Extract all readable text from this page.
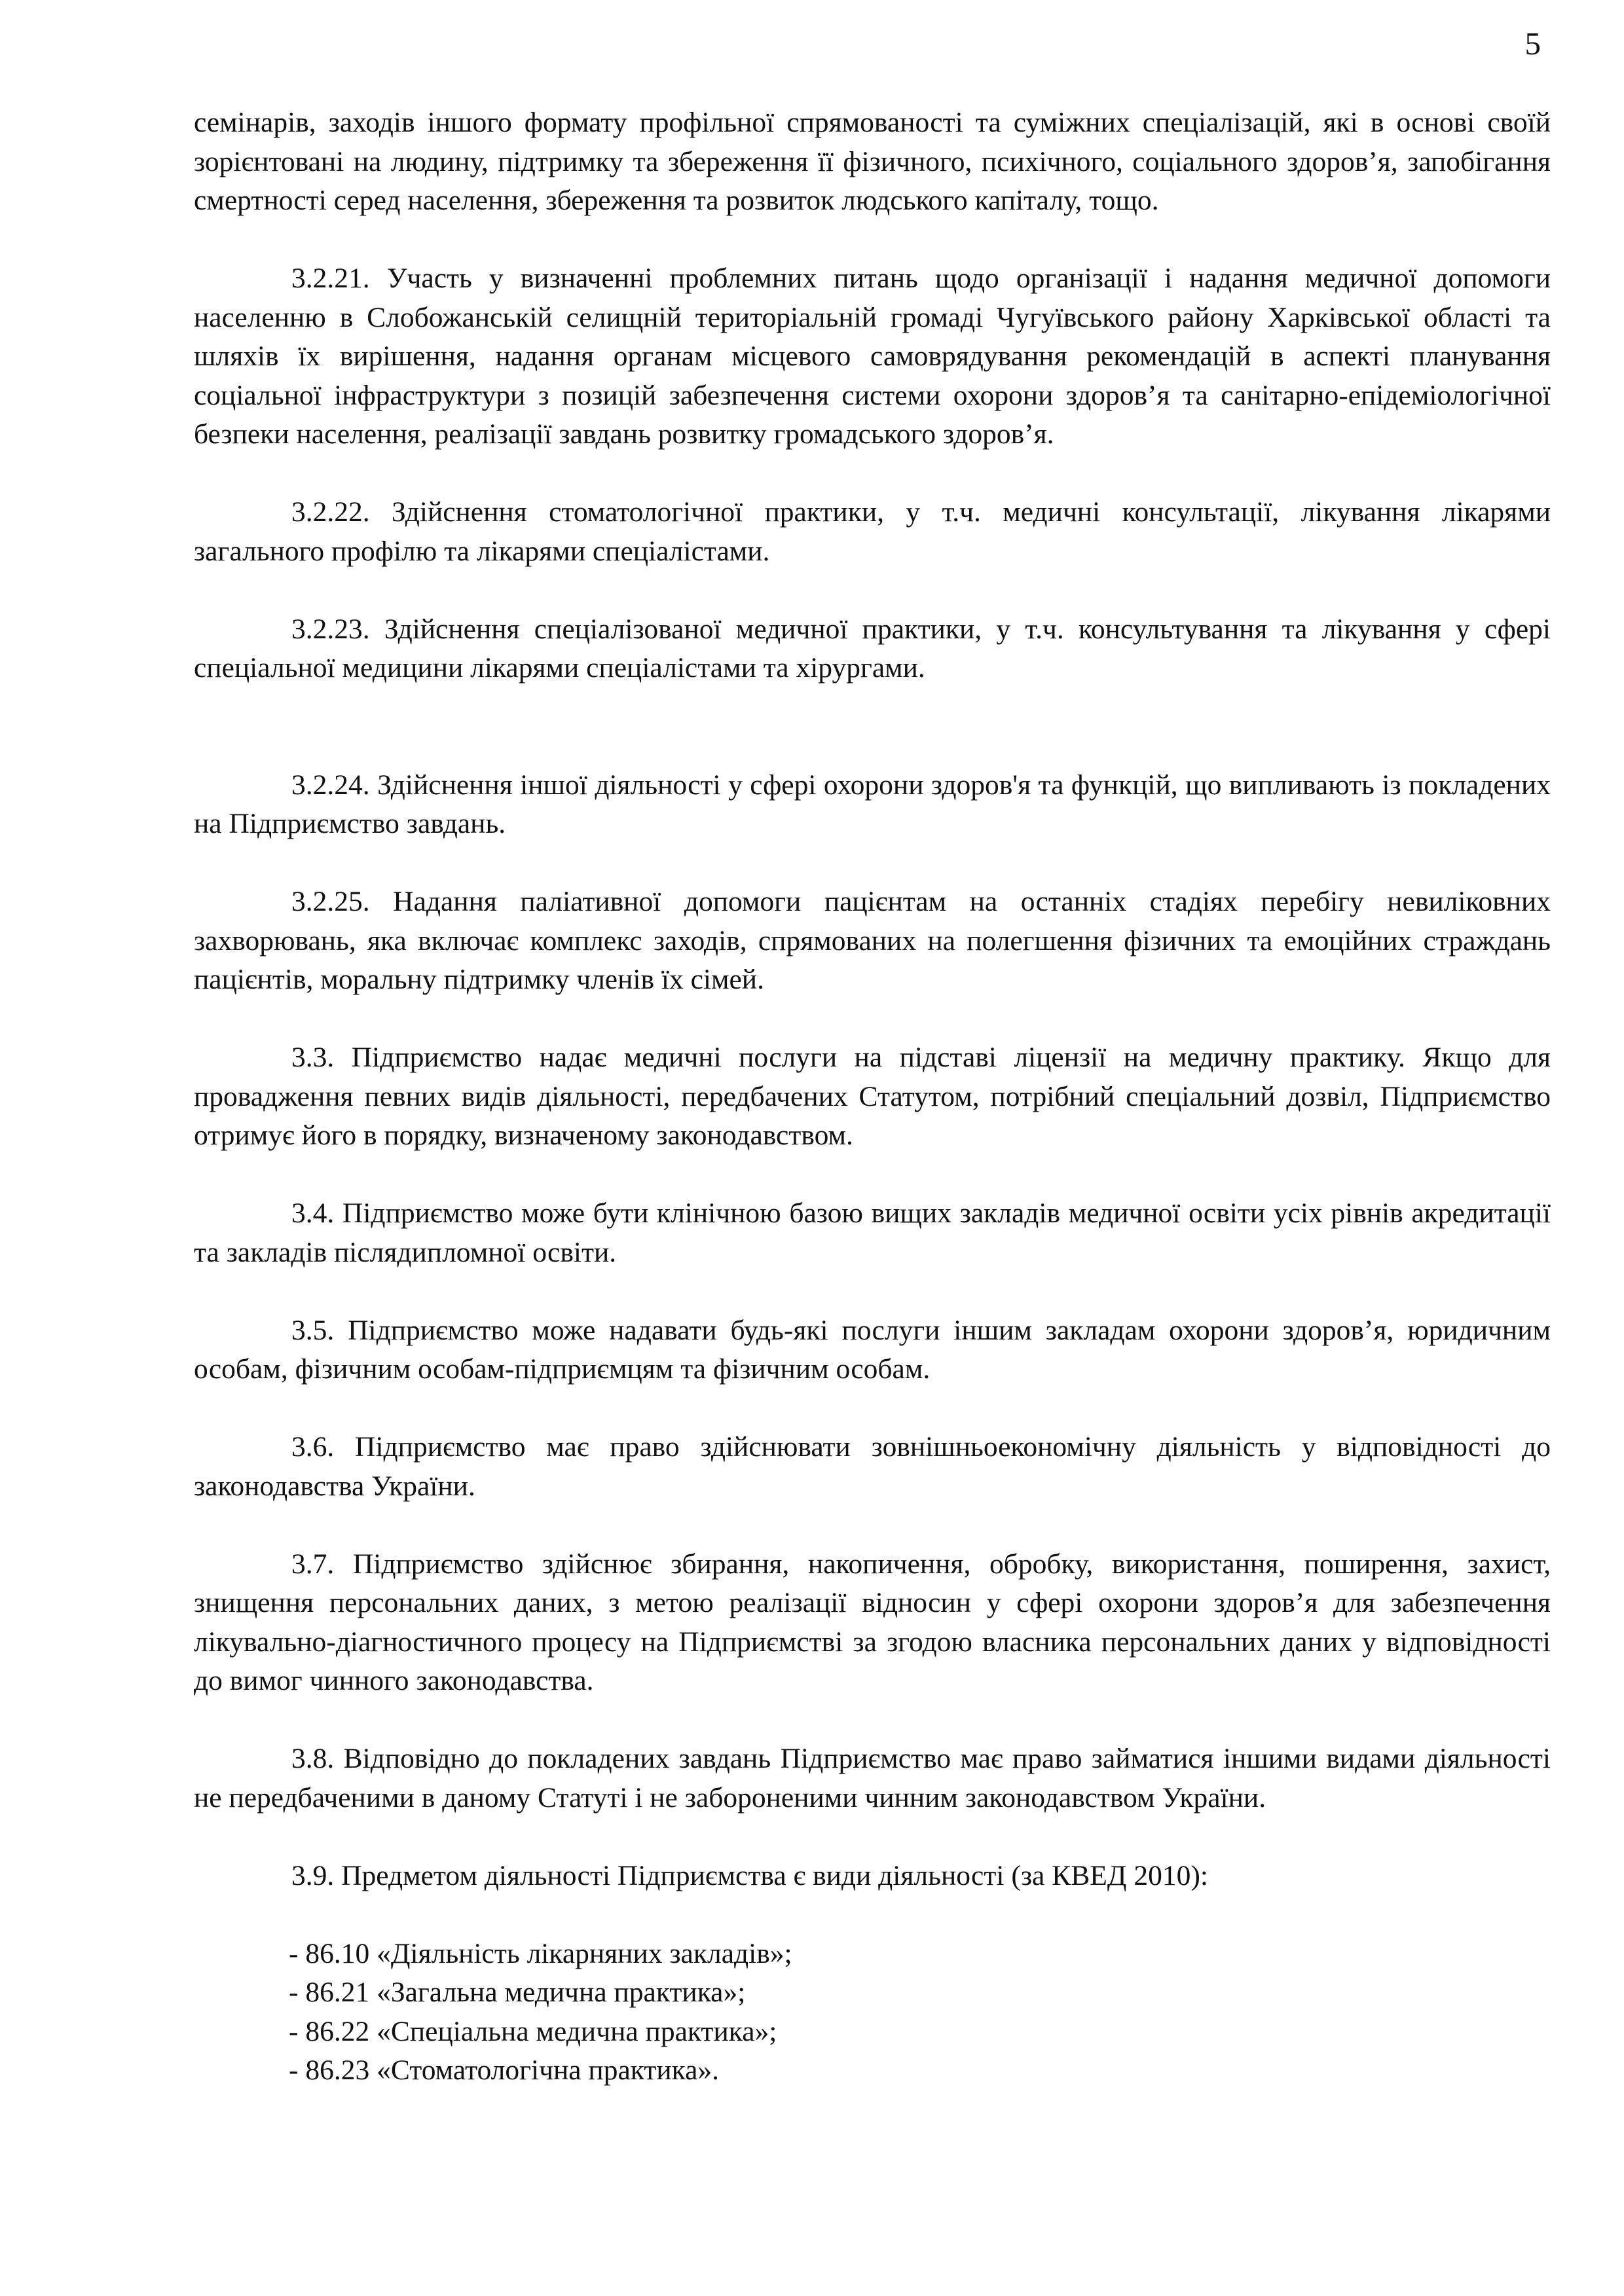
5

семінарів, заходів іншого формату профільної спрямованості та суміжних спеціалізацій, які в основі своїй зорієнтовані на людину, підтримку та збереження її фізичного, психічного, соціального здоров’я, запобігання смертності серед населення, збереження та розвиток людського капіталу, тощо.

3.2.21. Участь у визначенні проблемних питань щодо організації і надання медичної допомоги населенню в Слобожанській селищній територіальній громаді Чугуївського району Харківської області та шляхів їх вирішення, надання органам місцевого самоврядування рекомендацій в аспекті планування соціальної інфраструктури з позицій забезпечення системи охорони здоров’я та санітарно-епідеміологічної безпеки населення, реалізації завдань розвитку громадського здоров’я.

3.2.22. Здійснення стоматологічної практики, у т.ч. медичні консультації, лікування лікарями загального профілю та лікарями спеціалістами.

3.2.23. Здійснення спеціалізованої медичної практики, у т.ч. консультування та лікування у сфері спеціальної медицини лікарями спеціалістами та хірургами.

3.2.24. Здійснення іншої діяльності у сфері охорони здоров'я та функцій, що випливають із покладених на Підприємство завдань.

3.2.25. Надання паліативної допомоги пацієнтам на останніх стадіях перебігу невиліковних захворювань, яка включає комплекс заходів, спрямованих на полегшення фізичних та емоційних страждань пацієнтів, моральну підтримку членів їх сімей.

3.3. Підприємство надає медичні послуги на підставі ліцензії на медичну практику. Якщо для провадження певних видів діяльності, передбачених Статутом, потрібний спеціальний дозвіл, Підприємство отримує його в порядку, визначеному законодавством.

3.4. Підприємство може бути клінічною базою вищих закладів медичної освіти усіх рівнів акредитації та закладів післядипломної освіти.

3.5. Підприємство може надавати будь-які послуги іншим закладам охорони здоров’я, юридичним особам, фізичним особам-підприємцям та фізичним особам.

3.6. Підприємство має право здійснювати зовнішньоекономічну діяльність у відповідності до законодавства України.

3.7. Підприємство здійснює збирання, накопичення, обробку, використання, поширення, захист, знищення персональних даних, з метою реалізації відносин у сфері охорони здоров’я для забезпечення лікувально-діагностичного процесу на Підприємстві за згодою власника персональних даних у відповідності до вимог чинного законодавства.

3.8. Відповідно до покладених завдань Підприємство має право займатися іншими видами діяльності не передбаченими в даному Статуті і не забороненими чинним законодавством України.

3.9. Предметом діяльності Підприємства є види діяльності (за КВЕД 2010):

- 86.10 «Діяльність лікарняних закладів»;
- 86.21 «Загальна медична практика»;
- 86.22 «Спеціальна медична практика»;
- 86.23 «Стоматологічна практика».
